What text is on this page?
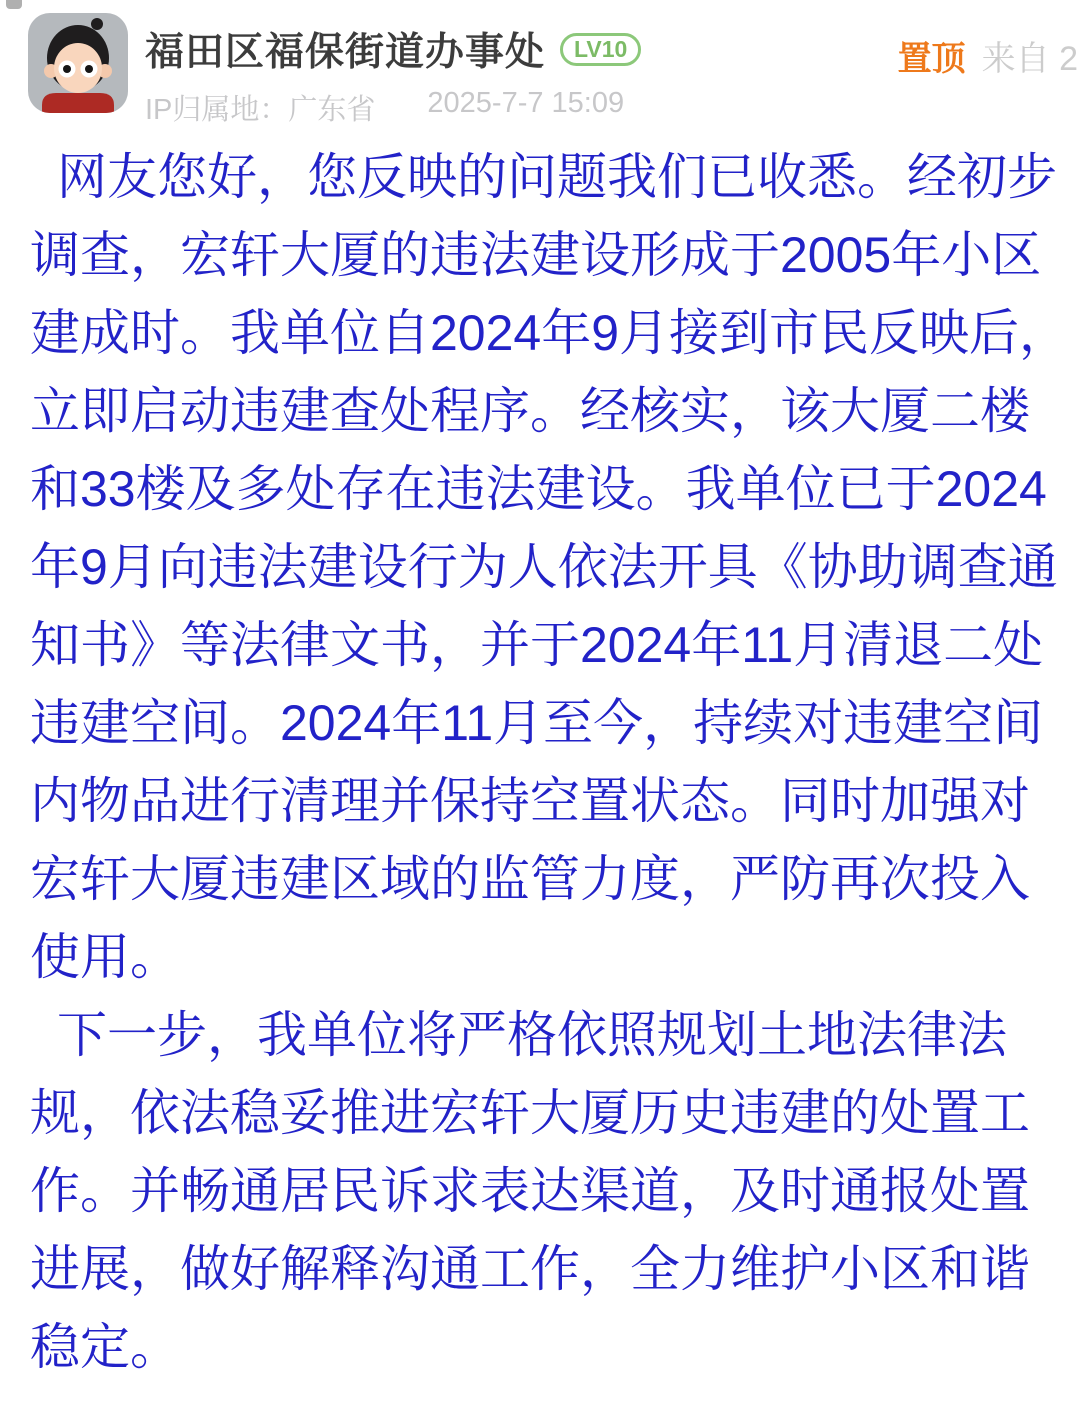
福田区福保街道办事处	LV10
IP归属地：广东省 2025-7-7 15:09
置顶 来自 2
网友您好，您反映的问题我们已收悉。经初步
调查，宏轩大厦的违法建设形成于2005年小区
建成时。我单位自2024年9月接到市民反映后，
立即启动违建查处程序。经核实，该大厦二楼
和33楼及多处存在违法建设。我单位已于2024
年9月向违法建设行为人依法开具《协助调查通
知书》等法律文书，并于2024年11月清退二处
违建空间。2024年11月至今，持续对违建空间
内物品进行清理并保持空置状态。同时加强对
宏轩大厦违建区域的监管力度，严防再次投入
使用。
下一步，我单位将严格依照规划土地法律法
规，依法稳妥推进宏轩大厦历史违建的处置工
作。并畅通居民诉求表达渠道，及时通报处置
进展，做好解释沟通工作，全力维护小区和谐
稳定。
